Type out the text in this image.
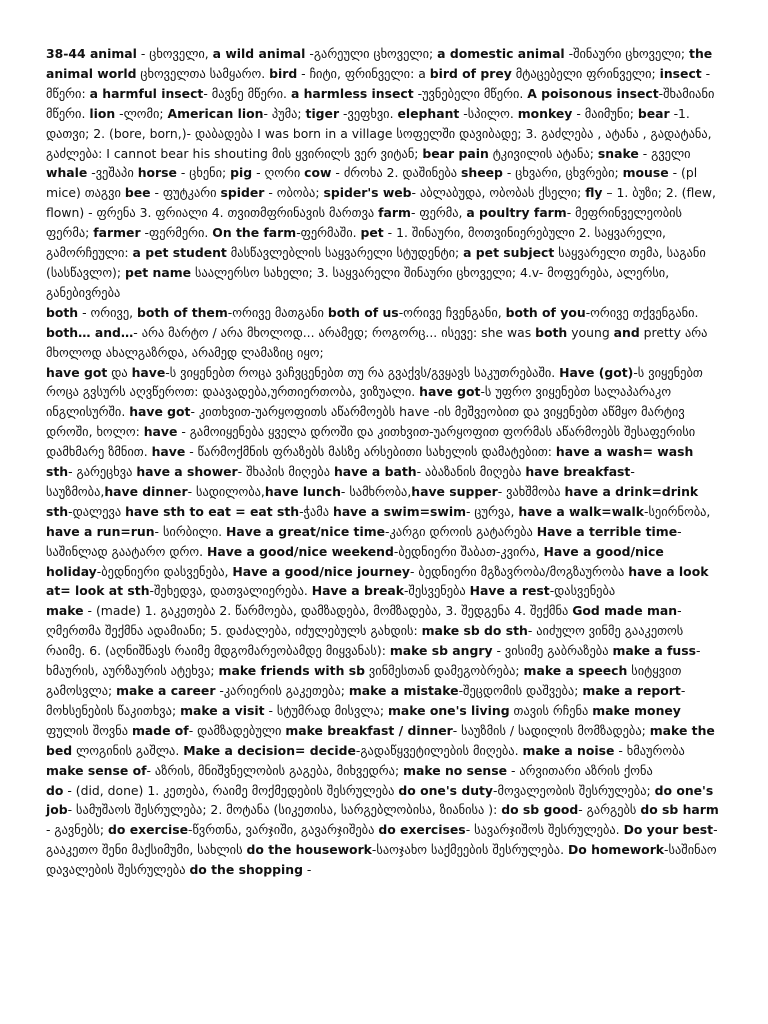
38-44 animal - ცხოველი, a wild animal -გარეული ცხოველი; a domestic animal -შინაური ცხოველი; the animal world ცხოველთა სამყარო. bird - ჩიტი, ფრინველი: a bird of prey მტაცებელი ფრინველი; insect - მწერი: a harmful insect- მავნე მწერი. a harmless insect -უვნებელი მწერი. A poisonous insect-შხამიანი მწერი. lion -ლომი; American lion- პუმა; tiger -ვეფხვი. elephant -სპილო. monkey - მაიმუნი; bear -1. დათვი; 2. (bore, born,)- დაბადება I was born in a village სოფელში დავიბადე; 3. გაძლება , ატანა , გადატანა, გაძლება: I cannot bear his shouting მის ყვირილს ვერ ვიტან; bear pain ტკივილის ატანა; snake - გველი whale -ვეშაპი horse - ცხენი; pig - ღორი cow - ძროხა 2. დაშინება sheep - ცხვარი, ცხვრები; mouse - (pl mice) თაგვი bee - ფუტკარი spider - ობობა; spider's web- აბლაბუდა, ობობას ქსელი; fly – 1. ბუზი; 2. (flew, flown) - ფრენა 3. ფრიალი 4. თვითმფრინავის მართვა farm- ფერმა, a poultry farm- მეფრინველეობის ფერმა; farmer -ფერმერი. On the farm-ფერმაში. pet - 1. შინაური, მოთვინიერებული 2. საყვარელი, გამორჩეული: a pet student მასწავლებლის საყვარელი სტუდენტი; a pet subject საყვარელი თემა, საგანი (სასწავლო); pet name საალერსო სახელი; 3. საყვარელი შინაური ცხოველი; 4.v- მოფერება, ალერსი, განებივრება

both - ორივე, both of them-ორივე მათგანი both of us-ორივე ჩვენგანი, both of you-ორივე თქვენგანი. both… and…- არა მარტო / არა მხოლოდ... არამედ; როგორც... ისევე: she was both young and pretty არა მხოლოდ ახალგაზრდა, არამედ ლამაზიც იყო;

have got და have-ს ვიყენებთ როცა ვაჩვცენებთ თუ რა გვაქვს/გვყავს საკუთრებაში. Have (got)-ს ვიყენებთ როცა გვსურს აღვწეროთ: დაავადება,ურთიერთობა, ვიზუალი. have got-ს უფრო ვიყენებთ სალაპარაკო ინგლისურში. have got- კითხვით-უარყოფითს აწარმოებს have -ის მეშვეობით და ვიყენებთ აწმყო მარტივ დროში, ხოლო: have - გამოიყენება ყველა დროში და კითხვით-უარყოფით ფორმას აწარმოებს შესაფერისი დამხმარე ზმნით. have - წარმოქმნის ფრაზებს მასზე არსებითი სახელის დამატებით: have a wash= wash sth- გარეცხვა have a shower- შხაპის მიღება have a bath- აბაზანის მიღება have breakfast-საუზმობა,have dinner- სადილობა,have lunch- სამხრობა,have supper- ვახშმობა have a drink=drink sth-დალევა have sth to eat = eat sth-ჭამა have a swim=swim- ცურვა, have a walk=walk-სეირნობა, have a run=run- სირბილი. Have a great/nice time-კარგი დროის გატარება Have a terrible time-საშინლად გაატარო დრო. Have a good/nice weekend-ბედნიერი შაბათ-კვირა, Have a good/nice holiday-ბედნიერი დასვენება, Have a good/nice journey- ბედნიერი მგზავრობა/მოგზაურობა have a look at= look at sth-შეხედვა, დათვალიერება. Have a break-შესვენება Have a rest-დასვენება

make - (made) 1. გაკეთება 2. წარმოება, დამზადება, მომზადება, 3. შედგენა 4. შექმნა God made man- ღმერთმა შექმნა ადამიანი; 5. დაძალება, იძულებულს გახდის: make sb do sth- აიძულო ვინმე გააკეთოს რაიმე. 6. (აღნიშნავს რაიმე მდგომარეობამდე მიყვანას): make sb angry - ვისიმე გაბრაზება make a fuss- ხმაურის, აურზაურის ატეხვა; make friends with sb ვინმესთან დამეგობრება; make a speech სიტყვით გამოსვლა; make a career -კარიერის გაკეთება; make a mistake-შეცდომის დაშვება; make a report- მოხსენების წაკითხვა; make a visit - სტუმრად მისვლა; make one's living თავის რჩენა make money ფულის შოვნა made of- დამზადებული make breakfast / dinner- საუზმის / სადილის მომზადება; make the bed ლოგინის გაშლა. Make a decision= decide-გადაწყვეტილების მიღება. make a noise - ხმაურობა make sense of- აზრის, მნიშვნელობის გაგება, მიხვედრა; make no sense - არვითარი აზრის ქონა

do - (did, done) 1. კეთება, რაიმე მოქმედების შესრულება do one's duty-მოვალეობის შესრულება; do one's job- სამუშაოს შესრულება; 2. მოტანა (სიკეთისა, სარგებლობისა, ზიანისა ): do sb good- გარგებს do sb harm - გავნებს; do exercise-წვრთნა, ვარჯიში, გავარჯიშება do exercises- სავარჯიშოს შესრულება. Do your best-გააკეთო შენი მაქსიმუმი, სახლის do the housework-საოჯახო საქმეების შესრულება. Do homework-საშინაო დავალების შესრულება do the shopping -
